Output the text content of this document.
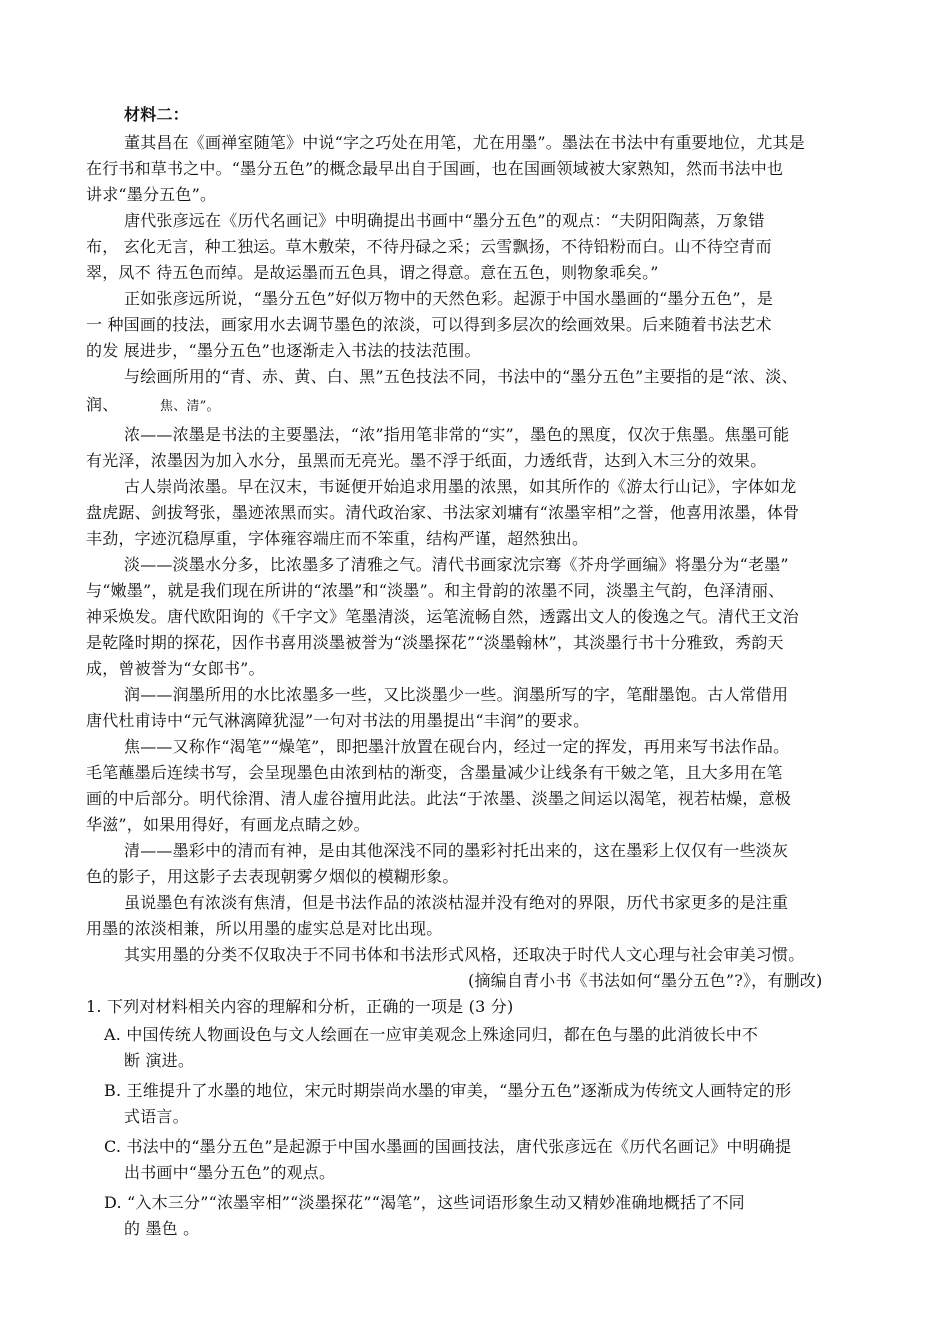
材料二：
董其昌在《画禅室随笔》中说“字之巧处在用笔，尤在用墨”。墨法在书法中有重要地位，尤其是
在行书和草书之中。“墨分五色”的概念最早出自于国画，也在国画领域被大家熟知，然而书法中也
讲求“墨分五色”。
唐代张彦远在《历代名画记》中明确提出书画中“墨分五色”的观点：“夫阴阳陶蒸，万象错
布， 玄化无言，种工独运。草木敷荣，不待丹碌之采；云雪飘扬，不待铅粉而白。山不待空青而
翠，凤不 待五色而绰。是故运墨而五色具，谓之得意。意在五色，则物象乖矣。”
正如张彦远所说，“墨分五色”好似万物中的天然色彩。起源于中国水墨画的“墨分五色”，是
一 种国画的技法，画家用水去调节墨色的浓淡，可以得到多层次的绘画效果。后来随着书法艺术
的发 展进步，“墨分五色”也逐渐走入书法的技法范围。
与绘画所用的“青、赤、黄、白、黑”五色技法不同，书法中的“墨分五色”主要指的是“浓、淡、
润、	焦、清”。
浓——浓墨是书法的主要墨法，“浓”指用笔非常的“实”，墨色的黑度，仅次于焦墨。焦墨可能
有光泽，浓墨因为加入水分，虽黑而无亮光。墨不浮于纸面，力透纸背，达到入木三分的效果。
古人崇尚浓墨。早在汉末，韦诞便开始追求用墨的浓黑，如其所作的《游太行山记》，字体如龙
盘虎踞、剑拔弩张，墨迹浓黑而实。清代政治家、书法家刘墉有“浓墨宰相”之誉，他喜用浓墨，体骨
丰劲，字迹沉稳厚重，字体雍容端庄而不笨重，结构严谨，超然独出。
淡——淡墨水分多，比浓墨多了清雅之气。清代书画家沈宗骞《芥舟学画编》将墨分为“老墨”
与“嫩墨”，就是我们现在所讲的“浓墨”和“淡墨”。和主骨韵的浓墨不同，淡墨主气韵，色泽清丽、
神采焕发。唐代欧阳询的《千字文》笔墨清淡，运笔流畅自然，透露出文人的俊逸之气。清代王文治
是乾隆时期的探花，因作书喜用淡墨被誉为“淡墨探花”“淡墨翰林”，其淡墨行书十分雅致，秀韵天
成，曾被誉为“女郎书”。
润——润墨所用的水比浓墨多一些，又比淡墨少一些。润墨所写的字，笔酣墨饱。古人常借用
唐代杜甫诗中“元气淋漓障犹湿”一句对书法的用墨提出“丰润”的要求。
焦——又称作“渴笔”“燥笔”，即把墨汁放置在砚台内，经过一定的挥发，再用来写书法作品。
毛笔蘸墨后连续书写，会呈现墨色由浓到枯的渐变，含墨量减少让线条有干皴之笔，且大多用在笔
画的中后部分。明代徐渭、清人虚谷擅用此法。此法“于浓墨、淡墨之间运以渴笔，视若枯燥，意极
华滋”，如果用得好，有画龙点睛之妙。
清——墨彩中的清而有神，是由其他深浅不同的墨彩衬托出来的，这在墨彩上仅仅有一些淡灰
色的影子，用这影子去表现朝雾夕烟似的模糊形象。
虽说墨色有浓淡有焦清，但是书法作品的浓淡枯湿并没有绝对的界限，历代书家更多的是注重
用墨的浓淡相兼，所以用墨的虚实总是对比出现。
其实用墨的分类不仅取决于不同书体和书法形式风格，还取决于时代人文心理与社会审美习惯。
(摘编自青小书《书法如何“墨分五色”?》，有删改)
1. 下列对材料相关内容的理解和分析，正确的一项是 (3 分)
A. 中国传统人物画设色与文人绘画在一应审美观念上殊途同归，都在色与墨的此消彼长中不
断 演进。
B. 王维提升了水墨的地位，宋元时期崇尚水墨的审美，“墨分五色”逐渐成为传统文人画特定的形
式语言。
C. 书法中的“墨分五色”是起源于中国水墨画的国画技法，唐代张彦远在《历代名画记》中明确提
出书画中“墨分五色”的观点。
D. “入木三分”“浓墨宰相”“淡墨探花”“渴笔”，这些词语形象生动又精妙准确地概括了不同
的 墨色 。
